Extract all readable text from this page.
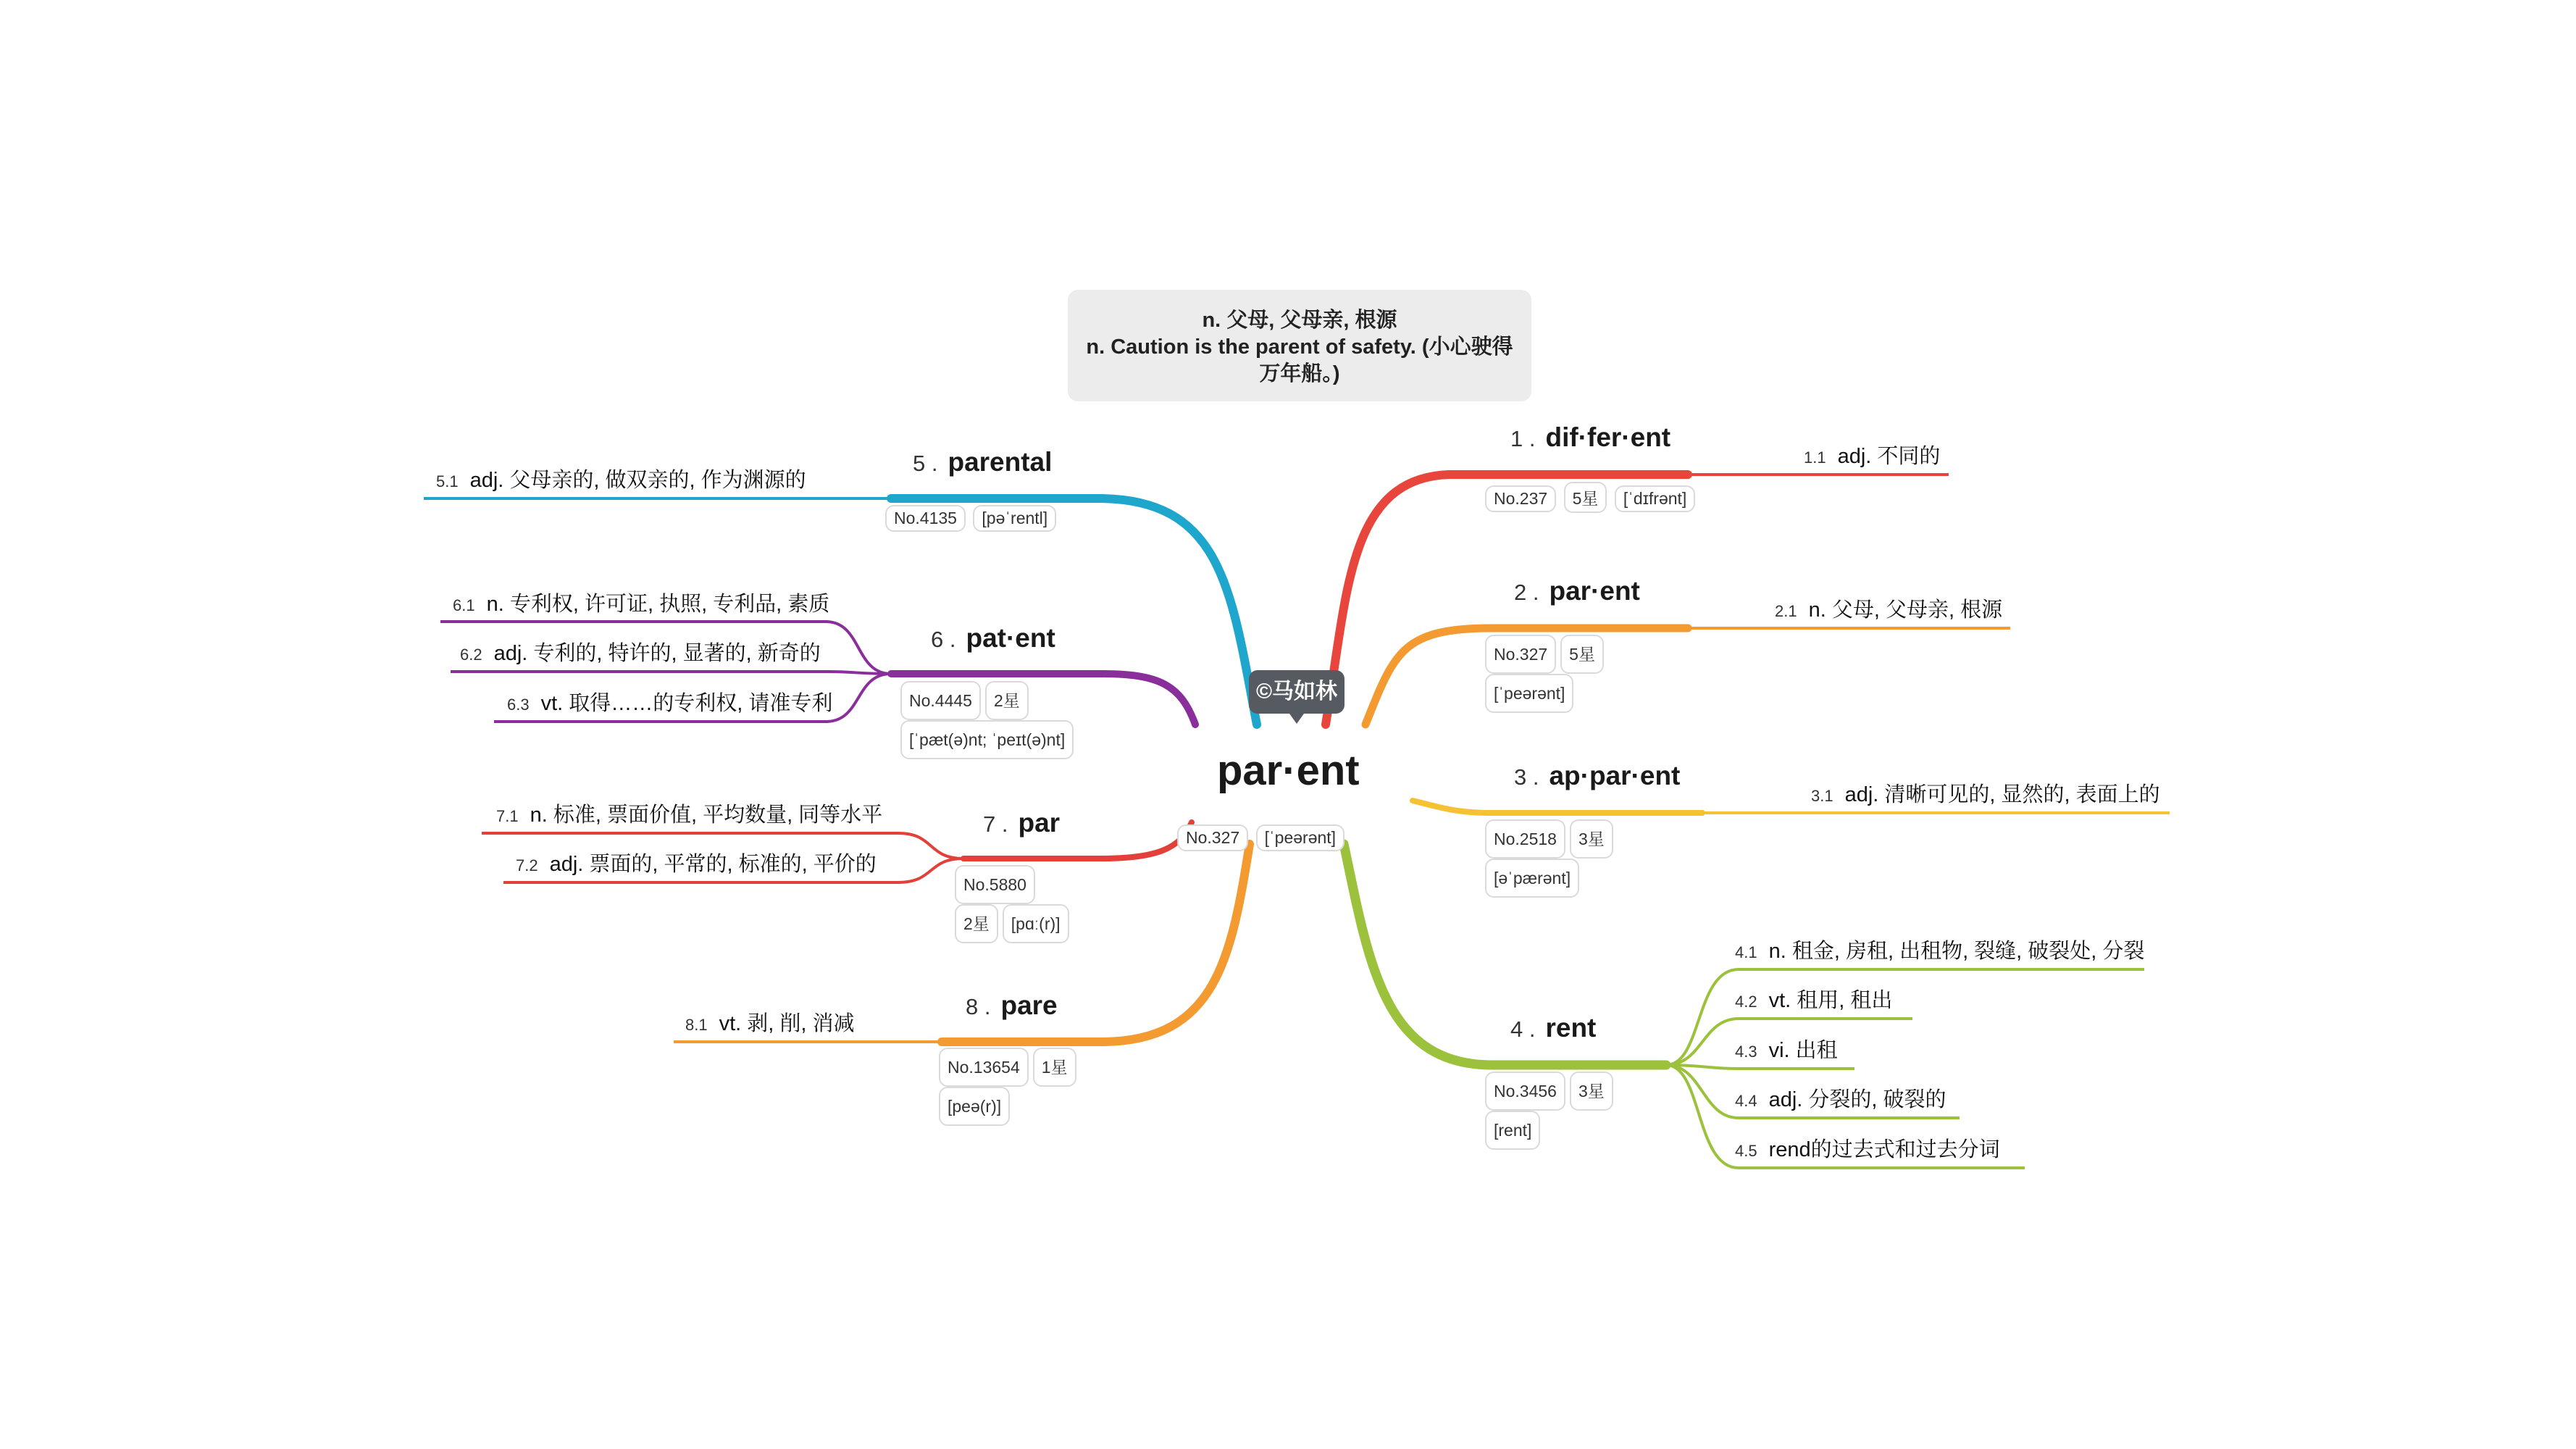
n. 父母, 父母亲, 根源
n. Caution is the parent of safety. (小心驶得万年船。)
©马如林
par·ent
No.327 [ˈpeərənt]
1 . dif·fer·ent
No.237 5星 [ˈdɪfrənt]
1.1 adj. 不同的
2 . par·ent
No.327 5星
[ˈpeərənt]
2.1 n. 父母, 父母亲, 根源
3 . ap·par·ent
No.2518 3星
[əˈpærənt]
3.1 adj. 清晰可见的, 显然的, 表面上的
4 . rent
No.3456 3星
[rent]
4.1 n. 租金, 房租, 出租物, 裂缝, 破裂处, 分裂
4.2 vt. 租用, 租出
4.3 vi. 出租
4.4 adj. 分裂的, 破裂的
4.5 rend的过去式和过去分词
5 . parental
No.4135 [pəˈrentl]
5.1 adj. 父母亲的, 做双亲的, 作为渊源的
6 . pat·ent
No.4445 2星
[ˈpæt(ə)nt; ˈpeɪt(ə)nt]
6.1 n. 专利权, 许可证, 执照, 专利品, 素质
6.2 adj. 专利的, 特许的, 显著的, 新奇的
6.3 vt. 取得……的专利权, 请准专利
7 . par
No.5880
2星 [pɑː(r)]
7.1 n. 标准, 票面价值, 平均数量, 同等水平
7.2 adj. 票面的, 平常的, 标准的, 平价的
8 . pare
No.13654 1星
[peə(r)]
8.1 vt. 剥, 削, 消减
